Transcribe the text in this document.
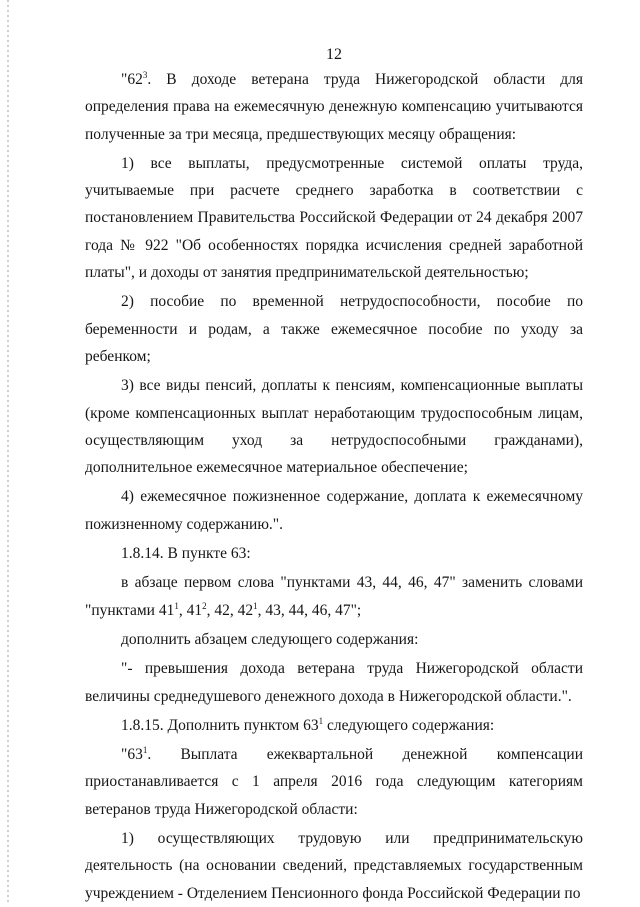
12

"$62^3$. В доходе ветерана труда Нижегородской области для определения права на ежемесячную денежную компенсацию учитываются полученные за три месяца, предшествующих месяцу обращения:

1) все выплаты, предусмотренные системой оплаты труда, учитываемые при расчете среднего заработка в соответствии с постановлением Правительства Российской Федерации от 24 декабря 2007 года № 922 "Об особенностях порядка исчисления средней заработной платы", и доходы от занятия предпринимательской деятельностью;

2) пособие по временной нетрудоспособности, пособие по беременности и родам, а также ежемесячное пособие по уходу за ребенком;

3) все виды пенсий, доплаты к пенсиям, компенсационные выплаты (кроме компенсационных выплат неработающим трудоспособным лицам, осуществляющим уход за нетрудоспособными гражданами), дополнительное ежемесячное материальное обеспечение;

4) ежемесячное пожизненное содержание, доплата к ежемесячному пожизненному содержанию.".

1.8.14. В пункте 63:

в абзаце первом слова "пунктами 43, 44, 46, 47" заменить словами "пунктами $41^1$, $41^2$, 42, $42^1$, 43, 44, 46, 47";

дополнить абзацем следующего содержания:

"- превышения дохода ветерана труда Нижегородской области величины среднедушевого денежного дохода в Нижегородской области.".

1.8.15. Дополнить пунктом $63^1$ следующего содержания:

"$63^1$. Выплата ежеквартальной денежной компенсации приостанавливается с 1 апреля 2016 года следующим категориям ветеранов труда Нижегородской области:

1) осуществляющих трудовую или предпринимательскую деятельность (на основании сведений, представляемых государственным учреждением - Отделением Пенсионного фонда Российской Федерации по
